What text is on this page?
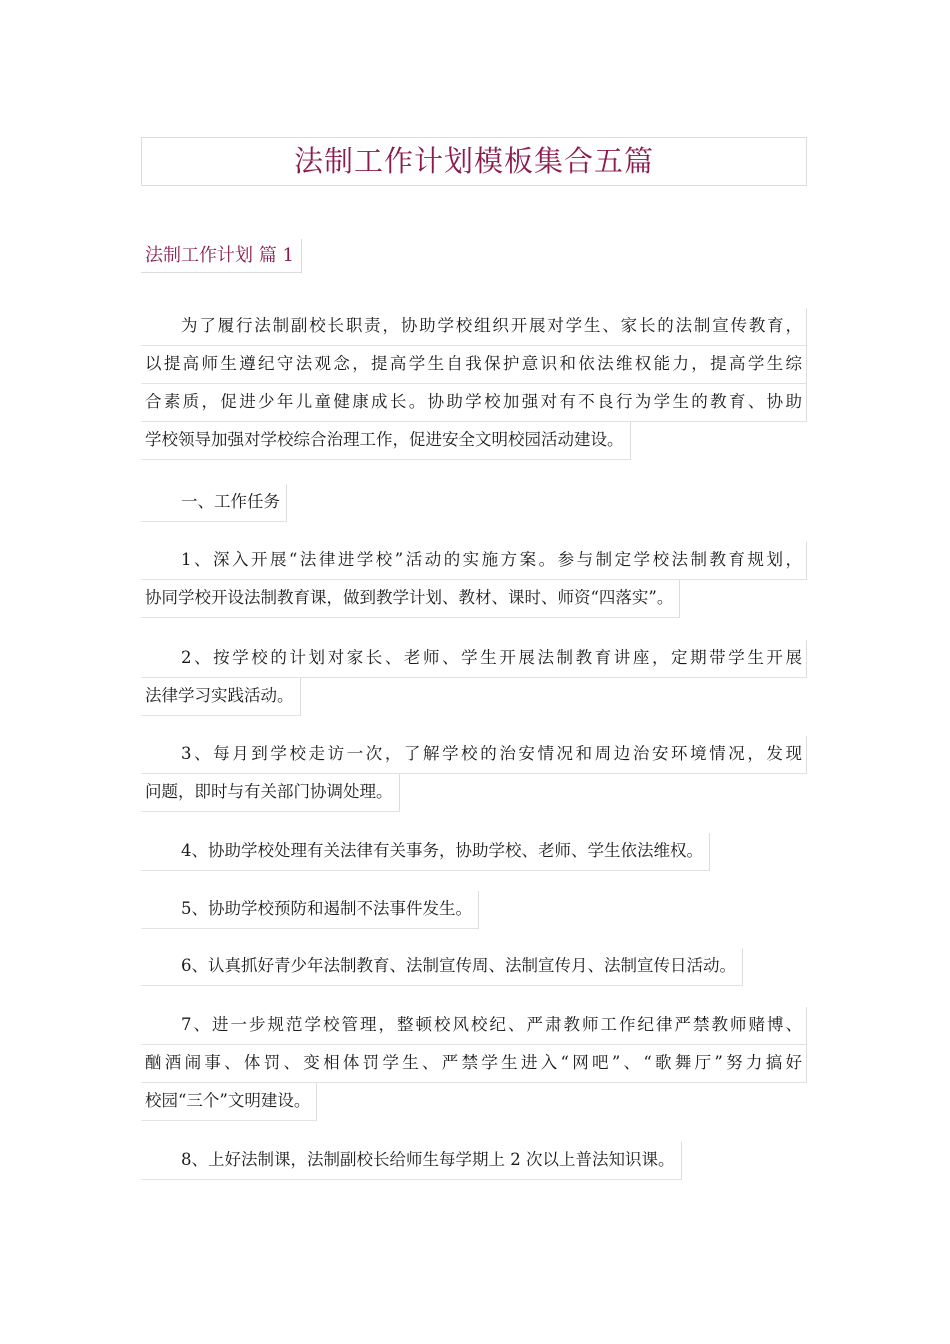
法制工作计划模板集合五篇
法制工作计划 篇 1
为了履行法制副校长职责，协助学校组织开展对学生、家长的法制宣传教育，
以提高师生遵纪守法观念，提高学生自我保护意识和依法维权能力，提高学生综
合素质，促进少年儿童健康成长。协助学校加强对有不良行为学生的教育、协助
学校领导加强对学校综合治理工作，促进安全文明校园活动建设。
一、工作任务
1、深入开展“法律进学校”活动的实施方案。参与制定学校法制教育规划，
协同学校开设法制教育课，做到教学计划、教材、课时、师资“四落实”。
2、按学校的计划对家长、老师、学生开展法制教育讲座，定期带学生开展
法律学习实践活动。
3、每月到学校走访一次，了解学校的治安情况和周边治安环境情况，发现
问题，即时与有关部门协调处理。
4、协助学校处理有关法律有关事务，协助学校、老师、学生依法维权。
5、协助学校预防和遏制不法事件发生。
6、认真抓好青少年法制教育、法制宣传周、法制宣传月、法制宣传日活动。
7、进一步规范学校管理，整顿校风校纪、严肃教师工作纪律严禁教师赌博、
酗酒闹事、体罚、变相体罚学生、严禁学生进入“网吧”、“歌舞厅”努力搞好
校园“三个”文明建设。
8、上好法制课，法制副校长给师生每学期上 2 次以上普法知识课。
